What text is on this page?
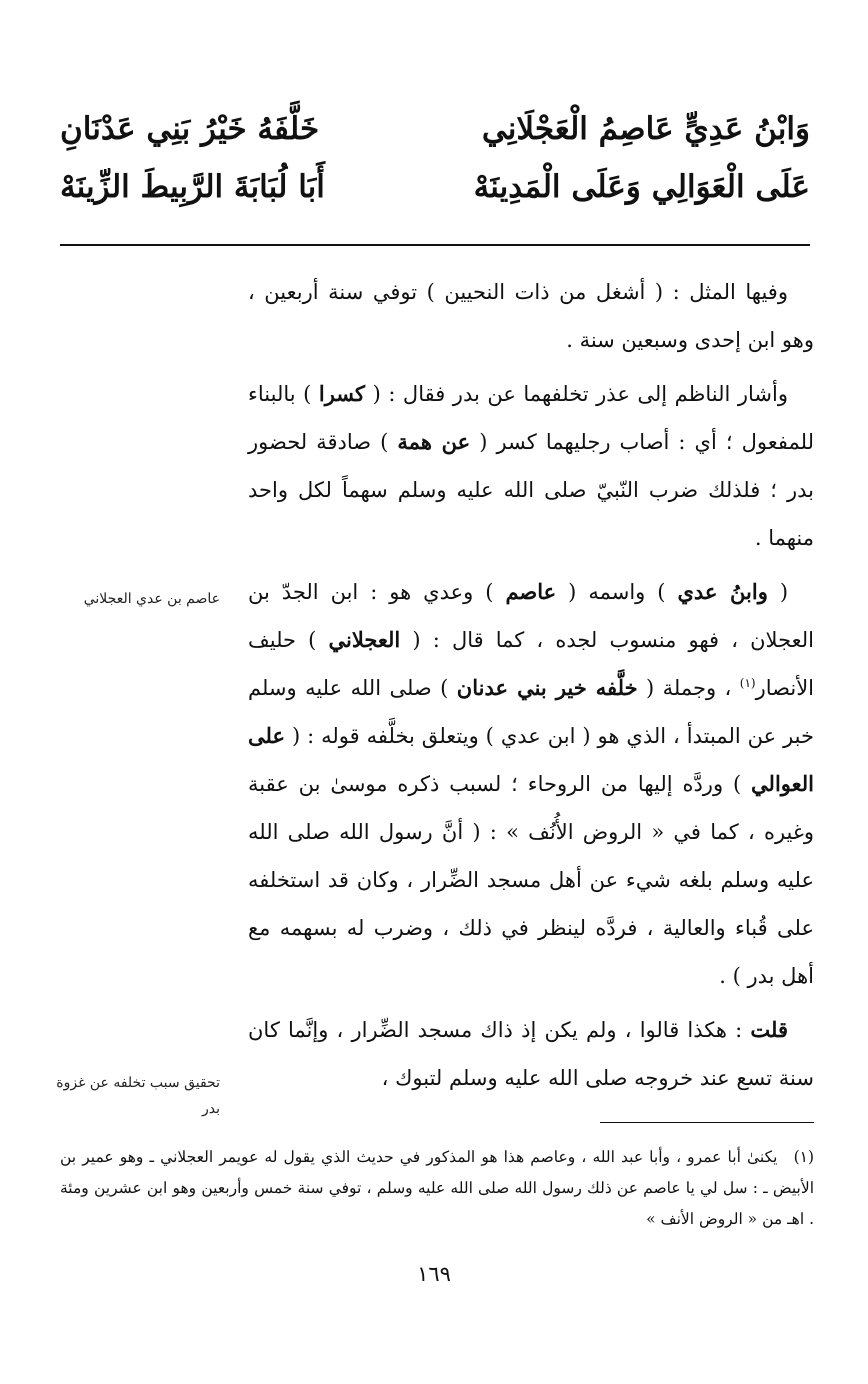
وَابْنُ عَدِيٍّ عَاصِمُ الْعَجْلَانِي
خَلَّفَهُ خَيْرُ بَنِي عَدْنَانِ
عَلَى الْعَوَالِي وَعَلَى الْمَدِينَهْ
أَبَا لُبَابَةَ الرَّبِيطَ الزِّينَهْ

وفيها المثل : ( أشغل من ذات النحيين ) توفي سنة أربعين ، وهو ابن إحدى وسبعين سنة .

وأشار الناظم إلى عذر تخلفهما عن بدر فقال : ( كسرا ) بالبناء للمفعول ؛ أي : أصاب رجليهما كسر ( عن همة ) صادقة لحضور بدر ؛ فلذلك ضرب النّبيّ صلى الله عليه وسلم سهماً لكل واحد منهما .

( وابنُ عدي ) واسمه ( عاصم ) وعدي هو : ابن الجدّ بن العجلان ، فهو منسوب لجده ، كما قال : ( العجلاني ) حليف الأنصار$^{(١)}$ ، وجملة ( خلَّفه خير بني عدنان ) صلى الله عليه وسلم خبر عن المبتدأ ، الذي هو ( ابن عدي ) ويتعلق بخلَّفه قوله : ( على العوالي ) وردَّه إليها من الروحاء ؛ لسبب ذكره موسىٰ بن عقبة وغيره ، كما في « الروض الأُنُف » : ( أنَّ رسول الله صلى الله عليه وسلم بلغه شيء عن أهل مسجد الضِّرار ، وكان قد استخلفه على قُباء والعالية ، فردَّه لينظر في ذلك ، وضرب له بسهمه مع أهل بدر ) .

قلت : هكذا قالوا ، ولم يكن إذ ذاك مسجد الضِّرار ، وإنَّما كان سنة تسع عند خروجه صلى الله عليه وسلم لتبوك ،

عاصم بن عدي العجلاني
تحقيق سبب تخلفه عن غزوة بدر
(١) يكنىٰ أبا عمرو ، وأبا عبد الله ، وعاصم هذا هو المذكور في حديث الذي يقول له عويمر العجلاني ـ وهو عمير بن الأبيض ـ : سل لي يا عاصم عن ذلك رسول الله صلى الله عليه وسلم ، توفي سنة خمس وأربعين وهو ابن عشرين ومئة . اهـ من « الروض الأنف »
١٦٩
